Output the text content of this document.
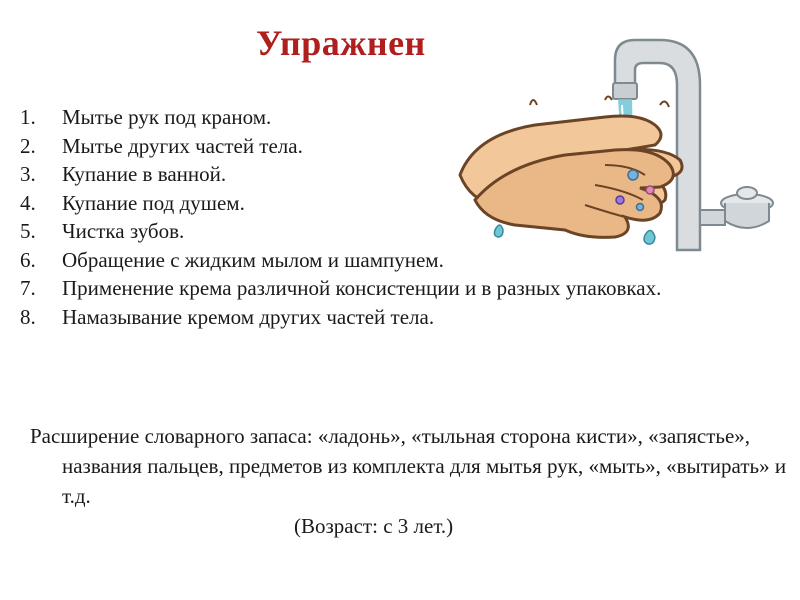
Упражнен
1.	Мытье рук под краном.
2.	Мытье других частей тела.
3.	Купание в ванной.
4.	Купание под душем.
5.	Чистка зубов.
6.	Обращение с жидким мылом и шампунем.
7.	Применение крема различной консистенции и в разных упаковках.
8.	Намазывание кремом других частей тела.
Расширение словарного запаса: «ладонь», «тыльная сторона кисти», «запястье», названия пальцев, предметов из комплекта для мытья рук, «мыть», «вытирать» и т.д.
(Возраст: с 3 лет.)
